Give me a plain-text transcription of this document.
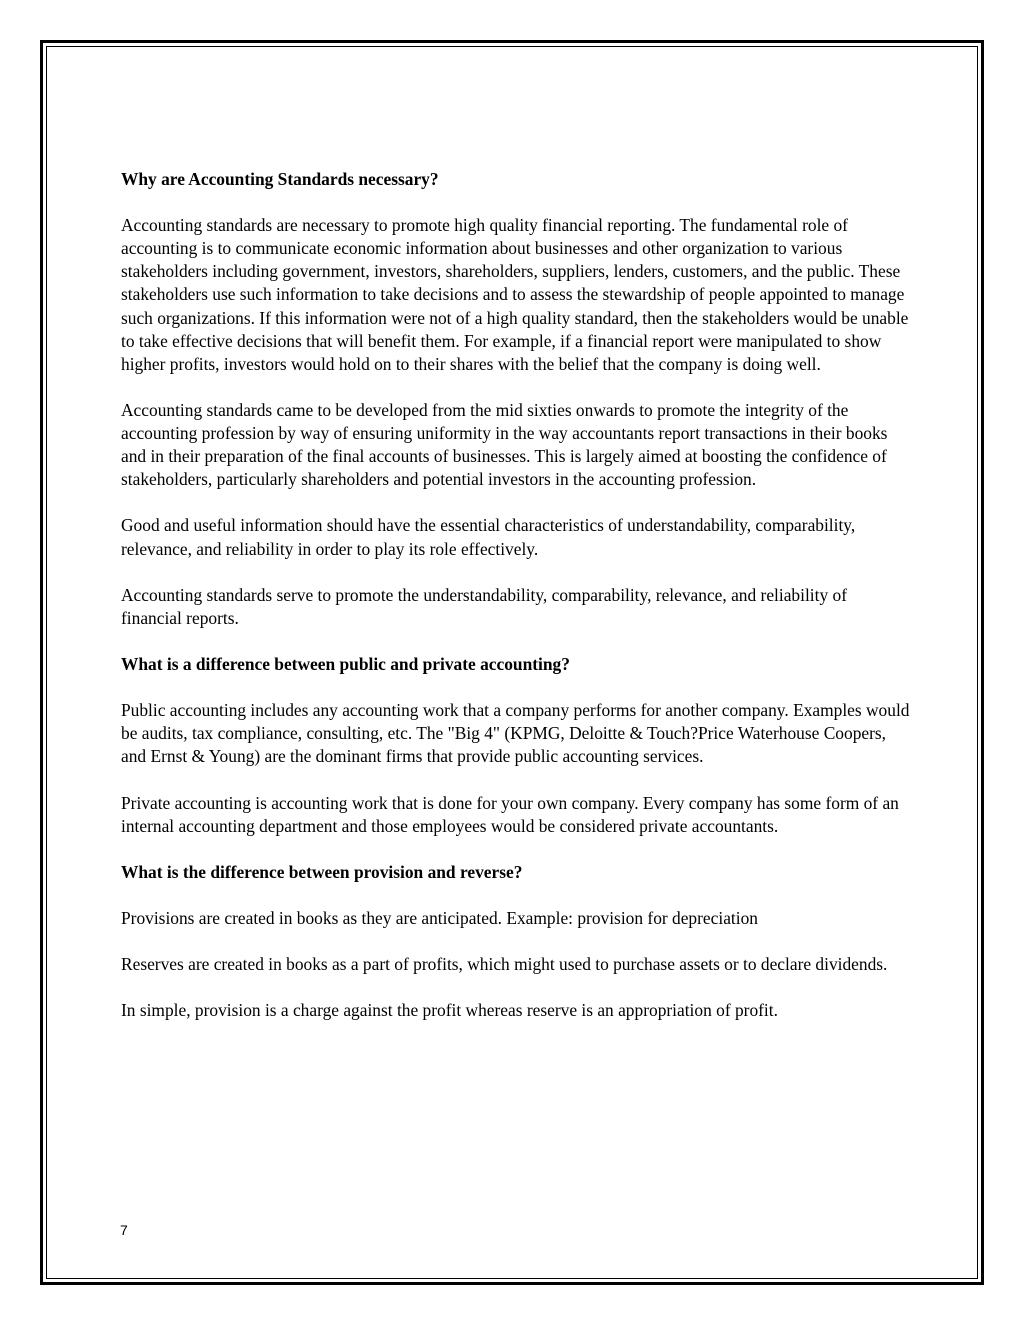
Why are Accounting Standards necessary?

Accounting standards are necessary to promote high quality financial reporting. The fundamental role of accounting is to communicate economic information about businesses and other organization to various stakeholders including government, investors, shareholders, suppliers, lenders, customers, and the public. These stakeholders use such information to take decisions and to assess the stewardship of people appointed to manage such organizations. If this information were not of a high quality standard, then the stakeholders would be unable to take effective decisions that will benefit them. For example, if a financial report were manipulated to show higher profits, investors would hold on to their shares with the belief that the company is doing well.

Accounting standards came to be developed from the mid sixties onwards to promote the integrity of the accounting profession by way of ensuring uniformity in the way accountants report transactions in their books and in their preparation of the final accounts of businesses. This is largely aimed at boosting the confidence of stakeholders, particularly shareholders and potential investors in the accounting profession.

Good and useful information should have the essential characteristics of understandability, comparability, relevance, and reliability in order to play its role effectively.

Accounting standards serve to promote the understandability, comparability, relevance, and reliability of financial reports.

What is a difference between public and private accounting?

Public accounting includes any accounting work that a company performs for another company. Examples would be audits, tax compliance, consulting, etc. The "Big 4" (KPMG, Deloitte & Touch?Price Waterhouse Coopers, and Ernst & Young) are the dominant firms that provide public accounting services.

Private accounting is accounting work that is done for your own company. Every company has some form of an internal accounting department and those employees would be considered private accountants.

What is the difference between provision and reverse?

Provisions are created in books as they are anticipated. Example: provision for depreciation

Reserves are created in books as a part of profits, which might used to purchase assets or to declare dividends.

In simple, provision is a charge against the profit whereas reserve is an appropriation of profit.

7
